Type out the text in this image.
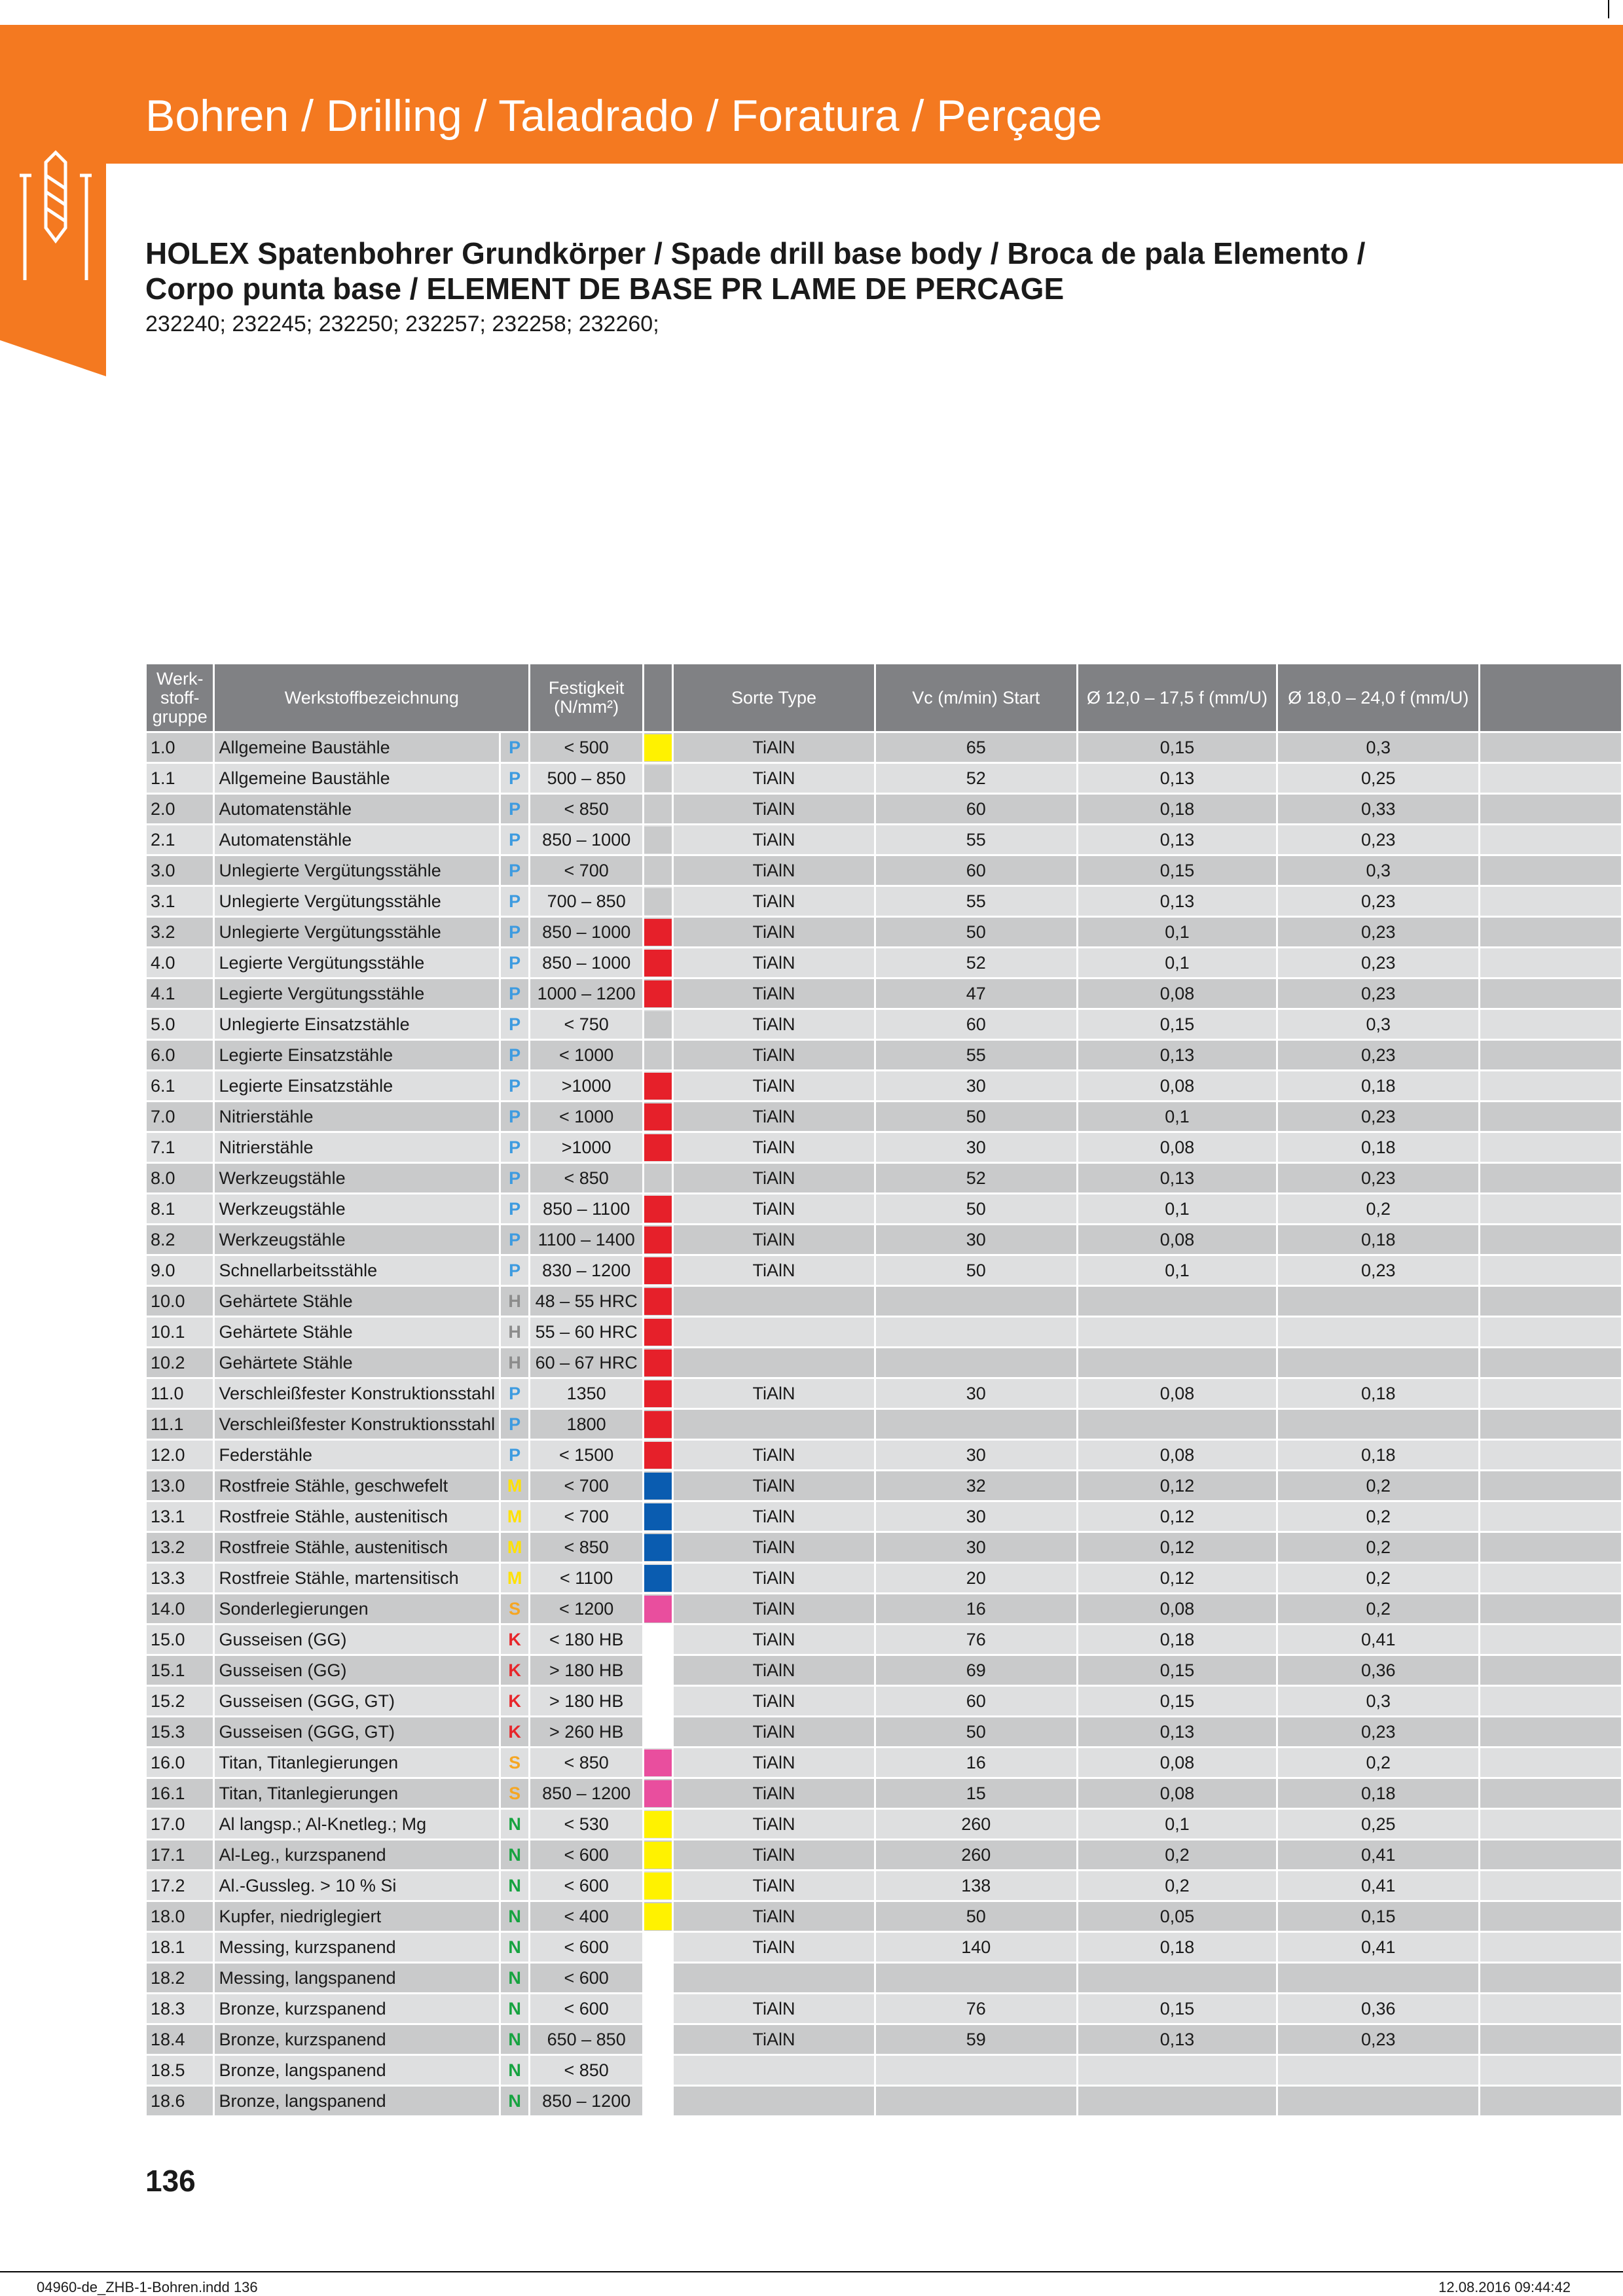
Bohren / Drilling / Taladrado / Foratura / Perçage
HOLEX Spatenbohrer Grundkörper / Spade drill base body / Broca de pala Elemento /
Corpo punta base / ELEMENT DE BASE PR LAME DE PERCAGE
232240; 232245; 232250; 232257; 232258; 232260;
Werk- stoff- gruppe	Werkstoffbezeichnung		Festigkeit (N/mm²)		Sorte Type	Vc (m/min) Start	Ø 12,0 – 17,5 f (mm/U)	Ø 18,0 – 24,0 f (mm/U)	
1.0	Allgemeine Baustähle	P	< 500		TiAlN	65	0,15	0,3	
1.1	Allgemeine Baustähle	P	500 – 850		TiAlN	52	0,13	0,25	
2.0	Automatenstähle	P	< 850		TiAlN	60	0,18	0,33	
2.1	Automatenstähle	P	850 – 1000		TiAlN	55	0,13	0,23	
3.0	Unlegierte Vergütungsstähle	P	< 700		TiAlN	60	0,15	0,3	
3.1	Unlegierte Vergütungsstähle	P	700 – 850		TiAlN	55	0,13	0,23	
3.2	Unlegierte Vergütungsstähle	P	850 – 1000		TiAlN	50	0,1	0,23	
4.0	Legierte Vergütungsstähle	P	850 – 1000		TiAlN	52	0,1	0,23	
4.1	Legierte Vergütungsstähle	P	1000 – 1200		TiAlN	47	0,08	0,23	
5.0	Unlegierte Einsatzstähle	P	< 750		TiAlN	60	0,15	0,3	
6.0	Legierte Einsatzstähle	P	< 1000		TiAlN	55	0,13	0,23	
6.1	Legierte Einsatzstähle	P	>1000		TiAlN	30	0,08	0,18	
7.0	Nitrierstähle	P	< 1000		TiAlN	50	0,1	0,23	
7.1	Nitrierstähle	P	>1000		TiAlN	30	0,08	0,18	
8.0	Werkzeugstähle	P	< 850		TiAlN	52	0,13	0,23	
8.1	Werkzeugstähle	P	850 – 1100		TiAlN	50	0,1	0,2	
8.2	Werkzeugstähle	P	1100 – 1400		TiAlN	30	0,08	0,18	
9.0	Schnellarbeitsstähle	P	830 – 1200		TiAlN	50	0,1	0,23	
10.0	Gehärtete Stähle	H	48 – 55 HRC	

10.1	Gehärtete Stähle	H	55 – 60 HRC	

10.2	Gehärtete Stähle	H	60 – 67 HRC	

11.0	Verschleißfester Konstruktionsstahl	P	1350		TiAlN	30	0,08	0,18	
11.1	Verschleißfester Konstruktionsstahl	P	1800	

12.0	Federstähle	P	< 1500		TiAlN	30	0,08	0,18	
13.0	Rostfreie Stähle, geschwefelt	M	< 700		TiAlN	32	0,12	0,2	
13.1	Rostfreie Stähle, austenitisch	M	< 700		TiAlN	30	0,12	0,2	
13.2	Rostfreie Stähle, austenitisch	M	< 850		TiAlN	30	0,12	0,2	
13.3	Rostfreie Stähle, martensitisch	M	< 1100		TiAlN	20	0,12	0,2	
14.0	Sonderlegierungen	S	< 1200		TiAlN	16	0,08	0,2	
15.0	Gusseisen (GG)	K	< 180 HB		TiAlN	76	0,18	0,41	
15.1	Gusseisen (GG)	K	> 180 HB		TiAlN	69	0,15	0,36	
15.2	Gusseisen (GGG, GT)	K	> 180 HB		TiAlN	60	0,15	0,3	
15.3	Gusseisen (GGG, GT)	K	> 260 HB		TiAlN	50	0,13	0,23	
16.0	Titan, Titanlegierungen	S	< 850		TiAlN	16	0,08	0,2	
16.1	Titan, Titanlegierungen	S	850 – 1200		TiAlN	15	0,08	0,18	
17.0	Al langsp.; Al-Knetleg.; Mg	N	< 530		TiAlN	260	0,1	0,25	
17.1	Al-Leg., kurzspanend	N	< 600		TiAlN	260	0,2	0,41	
17.2	Al.-Gussleg. > 10 % Si	N	< 600		TiAlN	138	0,2	0,41	
18.0	Kupfer, niedriglegiert	N	< 400		TiAlN	50	0,05	0,15	
18.1	Messing, kurzspanend	N	< 600		TiAlN	140	0,18	0,41	
18.2	Messing, langspanend	N	< 600						
18.3	Bronze, kurzspanend	N	< 600		TiAlN	76	0,15	0,36	
18.4	Bronze, kurzspanend	N	650 – 850		TiAlN	59	0,13	0,23	
18.5	Bronze, langspanend	N	< 850						
18.6	Bronze, langspanend	N	850 – 1200						
136
04960-de_ZHB-1-Bohren.indd 136	12.08.2016 09:44:42
